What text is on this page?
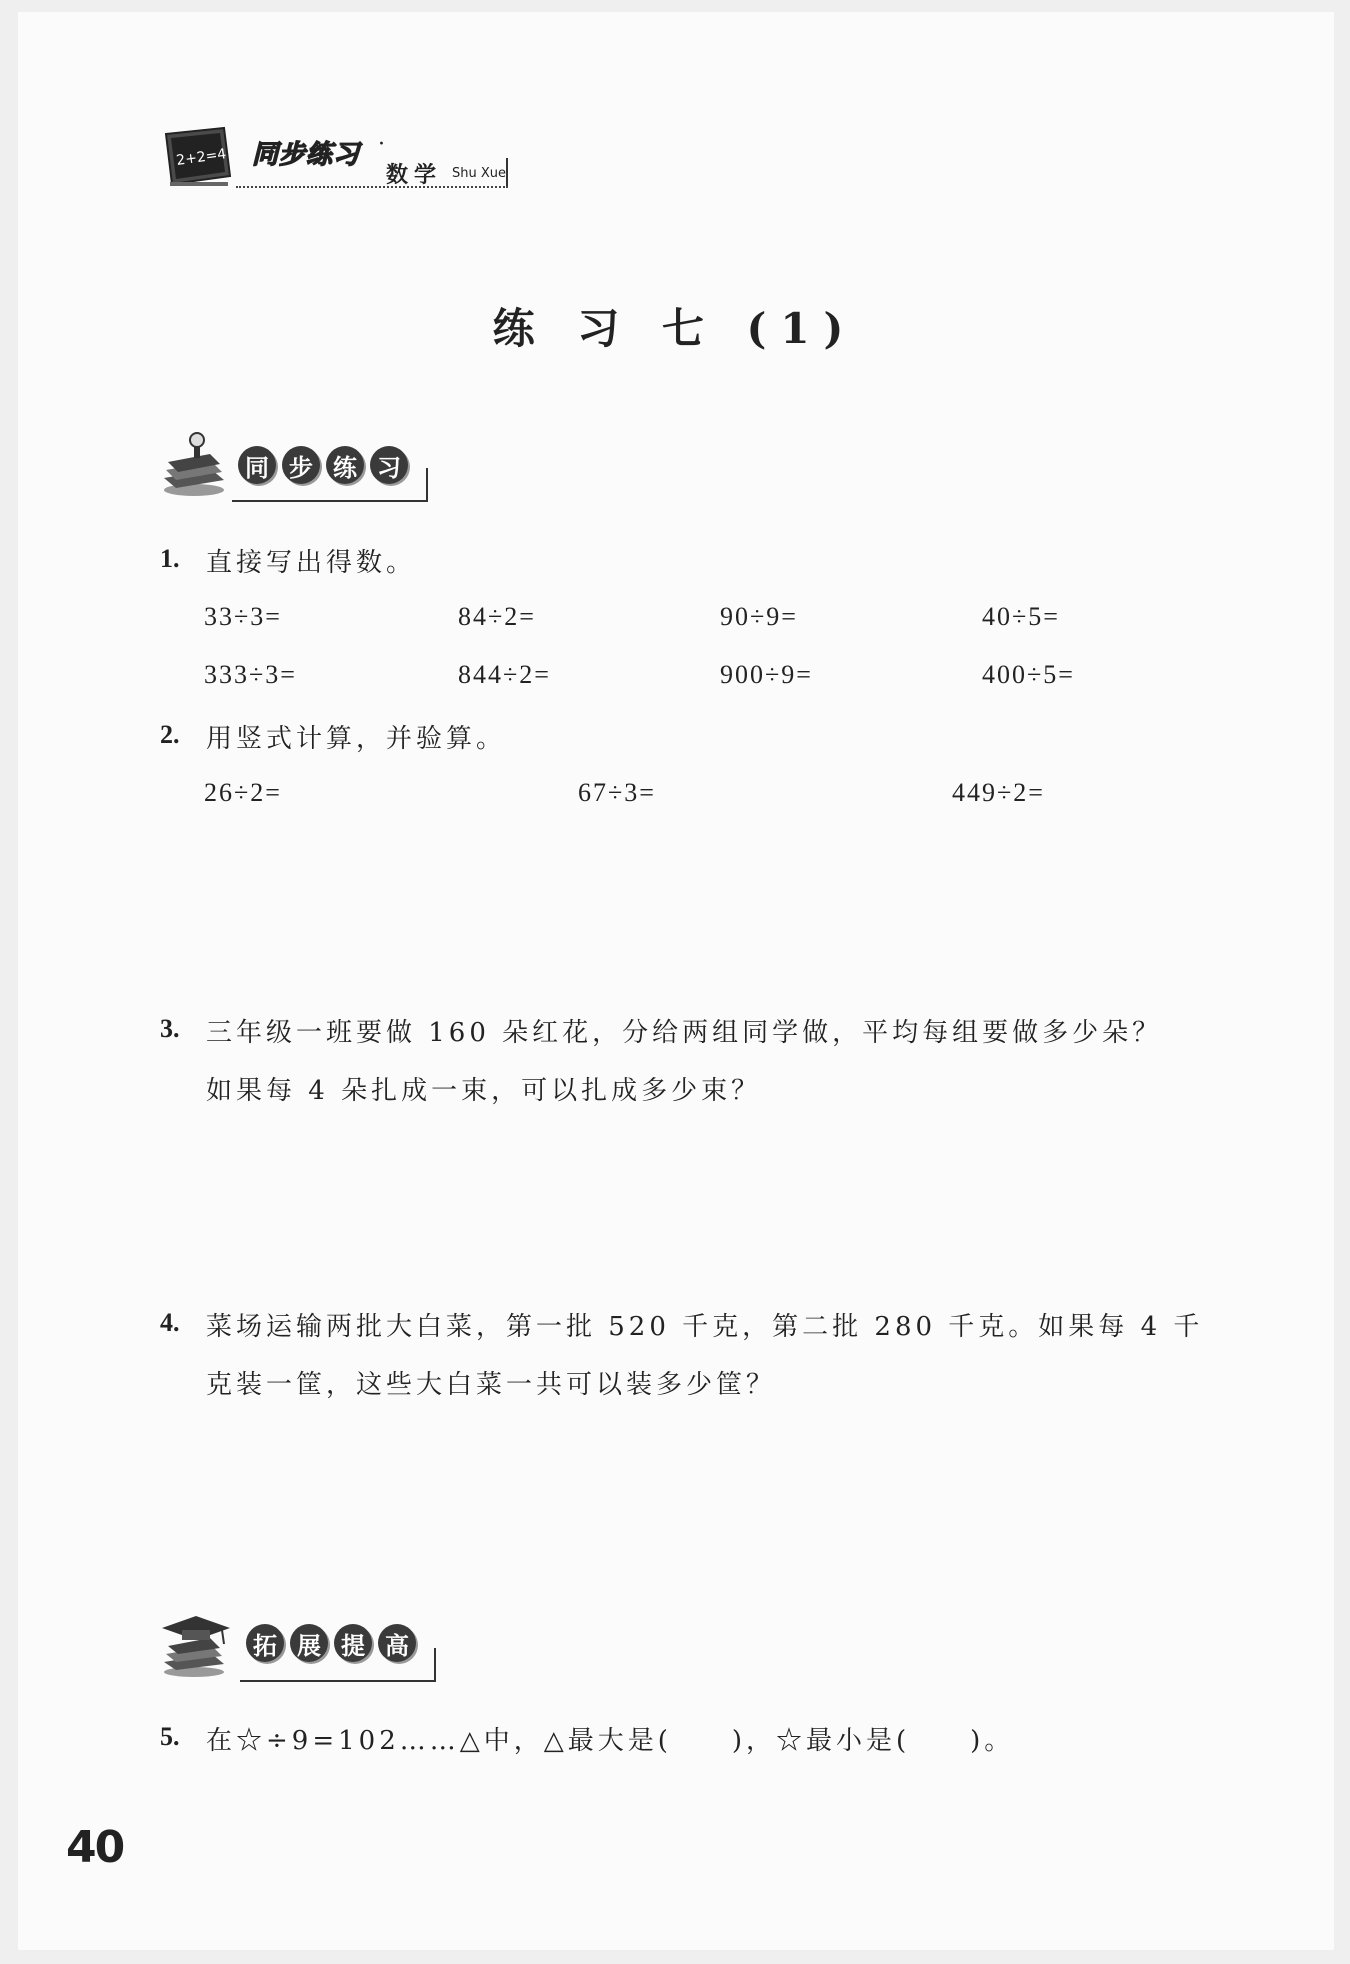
2+2=4 同步练习 ·
数学 Shu Xue
练 习 七 (1)
同 步 练 习
1. 直接写出得数。
33÷3=	84÷2=	90÷9=	40÷5=
333÷3=	844÷2=	900÷9=	400÷5=
2. 用竖式计算，并验算。
26÷2=	67÷3=	449÷2=
3. 三年级一班要做 160 朵红花，分给两组同学做，平均每组要做多少朵？
如果每 4 朵扎成一束，可以扎成多少束？
4. 菜场运输两批大白菜，第一批 520 千克，第二批 280 千克。如果每 4 千
克装一筐，这些大白菜一共可以装多少筐？
拓 展 提 高
5. 在☆÷9=102……△中，△最大是(　　)，☆最小是(　　)。
40
